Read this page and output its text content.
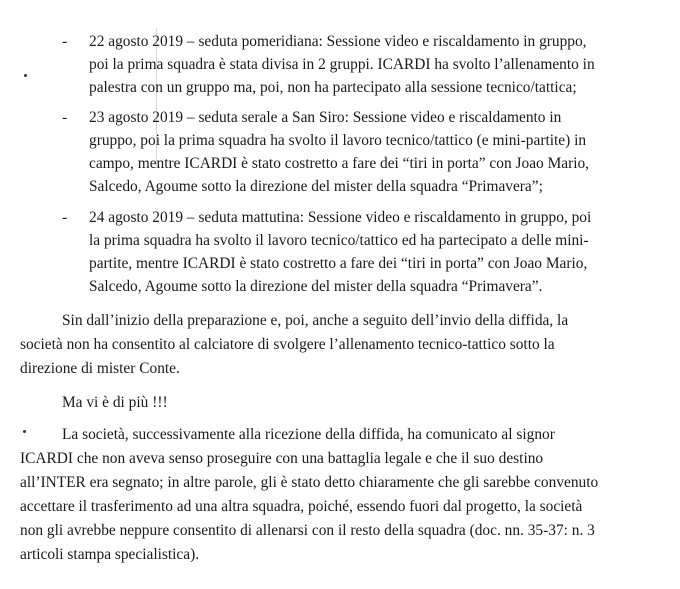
- 22 agosto 2019 – seduta pomeridiana: Sessione video e riscaldamento in gruppo,
poi la prima squadra è stata divisa in 2 gruppi. ICARDI ha svolto l’allenamento in
palestra con un gruppo ma, poi, non ha partecipato alla sessione tecnico/tattica;
- 23 agosto 2019 – seduta serale a San Siro: Sessione video e riscaldamento in
gruppo, poi la prima squadra ha svolto il lavoro tecnico/tattico (e mini-partite) in
campo, mentre ICARDI è stato costretto a fare dei “tiri in porta” con Joao Mario,
Salcedo, Agoume sotto la direzione del mister della squadra “Primavera”;
- 24 agosto 2019 – seduta mattutina: Sessione video e riscaldamento in gruppo, poi
la prima squadra ha svolto il lavoro tecnico/tattico ed ha partecipato a delle mini-
partite, mentre ICARDI è stato costretto a fare dei “tiri in porta” con Joao Mario,
Salcedo, Agoume sotto la direzione del mister della squadra “Primavera”.
Sin dall’inizio della preparazione e, poi, anche a seguito dell’invio della diffida, la
società non ha consentito al calciatore di svolgere l’allenamento tecnico-tattico sotto la
direzione di mister Conte.
Ma vi è di più !!!
La società, successivamente alla ricezione della diffida, ha comunicato al signor
ICARDI che non aveva senso proseguire con una battaglia legale e che il suo destino
all’INTER era segnato; in altre parole, gli è stato detto chiaramente che gli sarebbe convenuto
accettare il trasferimento ad una altra squadra, poiché, essendo fuori dal progetto, la società
non gli avrebbe neppure consentito di allenarsi con il resto della squadra (doc. nn. 35-37: n. 3
articoli stampa specialistica).
